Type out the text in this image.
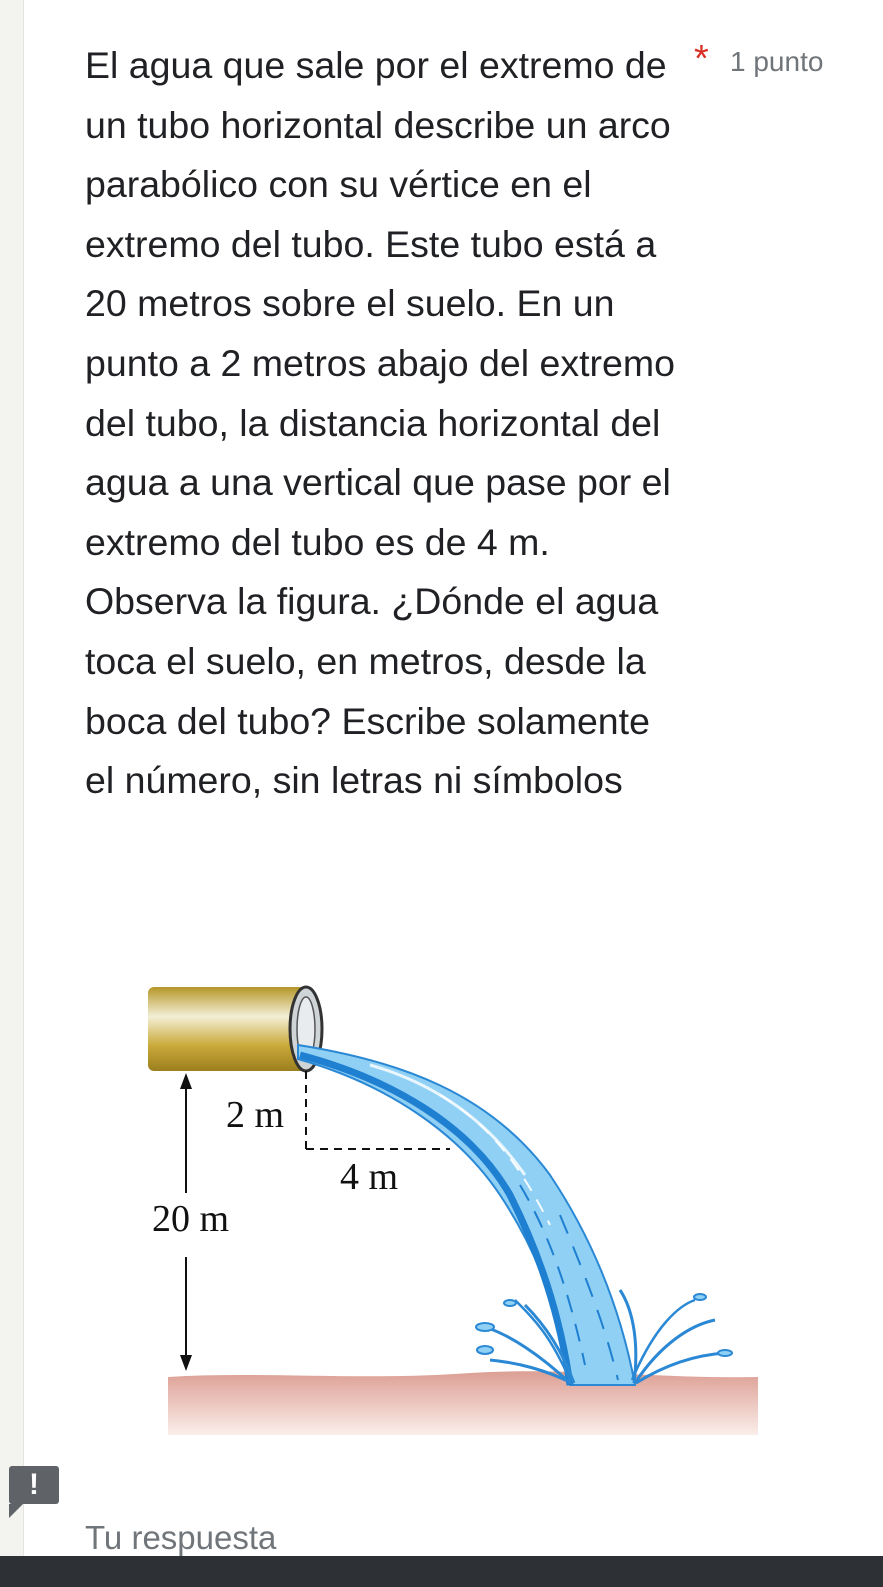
El agua que sale por el extremo de un tubo horizontal describe un arco parabólico con su vértice en el extremo del tubo. Este tubo está a 20 metros sobre el suelo. En un punto a 2 metros abajo del extremo del tubo, la distancia horizontal del agua a una vertical que pase por el extremo del tubo es de 4 m. Observa la figura. ¿Dónde el agua toca el suelo, en metros, desde la boca del tubo? Escribe solamente el número, sin letras ni símbolos
* 1 punto
2 m
4 m
20 m
!
Tu respuesta
